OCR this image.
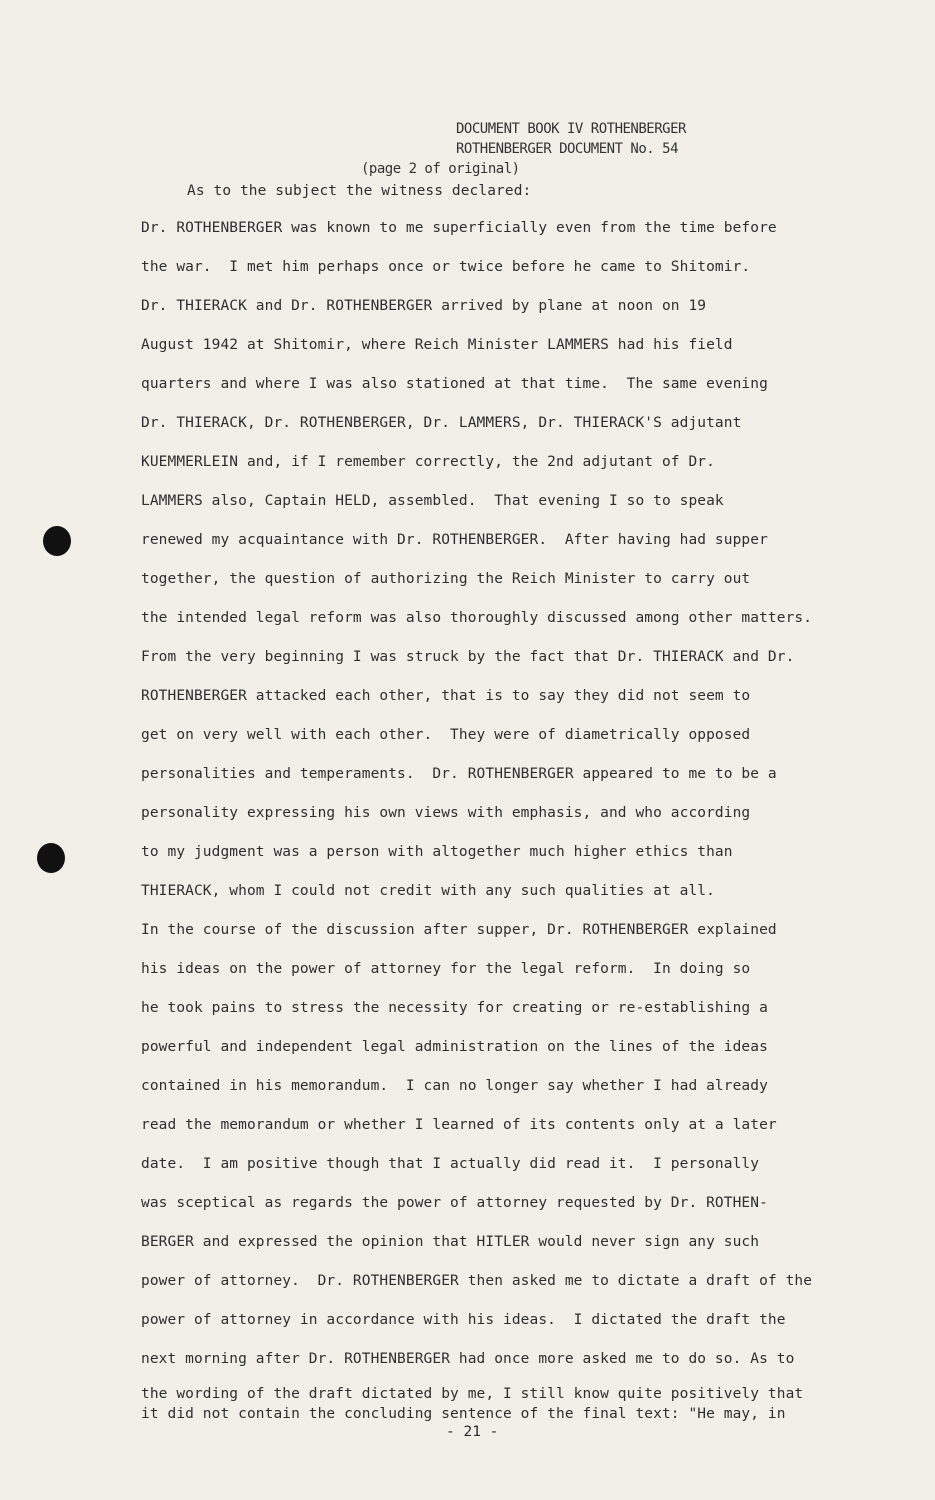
DOCUMENT BOOK IV ROTHENBERGER
ROTHENBERGER DOCUMENT No. 54
(page 2 of original)
As to the subject the witness declared:
Dr. ROTHENBERGER was known to me superficially even from the time before
the war.  I met him perhaps once or twice before he came to Shitomir.
Dr. THIERACK and Dr. ROTHENBERGER arrived by plane at noon on 19
August 1942 at Shitomir, where Reich Minister LAMMERS had his field
quarters and where I was also stationed at that time.  The same evening
Dr. THIERACK, Dr. ROTHENBERGER, Dr. LAMMERS, Dr. THIERACK'S adjutant
KUEMMERLEIN and, if I remember correctly, the 2nd adjutant of Dr.
LAMMERS also, Captain HELD, assembled.  That evening I so to speak
renewed my acquaintance with Dr. ROTHENBERGER.  After having had supper
together, the question of authorizing the Reich Minister to carry out
the intended legal reform was also thoroughly discussed among other matters.
From the very beginning I was struck by the fact that Dr. THIERACK and Dr.
ROTHENBERGER attacked each other, that is to say they did not seem to
get on very well with each other.  They were of diametrically opposed
personalities and temperaments.  Dr. ROTHENBERGER appeared to me to be a
personality expressing his own views with emphasis, and who according
to my judgment was a person with altogether much higher ethics than
THIERACK, whom I could not credit with any such qualities at all.
In the course of the discussion after supper, Dr. ROTHENBERGER explained
his ideas on the power of attorney for the legal reform.  In doing so
he took pains to stress the necessity for creating or re-establishing a
powerful and independent legal administration on the lines of the ideas
contained in his memorandum.  I can no longer say whether I had already
read the memorandum or whether I learned of its contents only at a later
date.  I am positive though that I actually did read it.  I personally
was sceptical as regards the power of attorney requested by Dr. ROTHEN-
BERGER and expressed the opinion that HITLER would never sign any such
power of attorney.  Dr. ROTHENBERGER then asked me to dictate a draft of the
power of attorney in accordance with his ideas.  I dictated the draft the
next morning after Dr. ROTHENBERGER had once more asked me to do so. As to
the wording of the draft dictated by me, I still know quite positively that
it did not contain the concluding sentence of the final text: "He may, in
- 21 -
